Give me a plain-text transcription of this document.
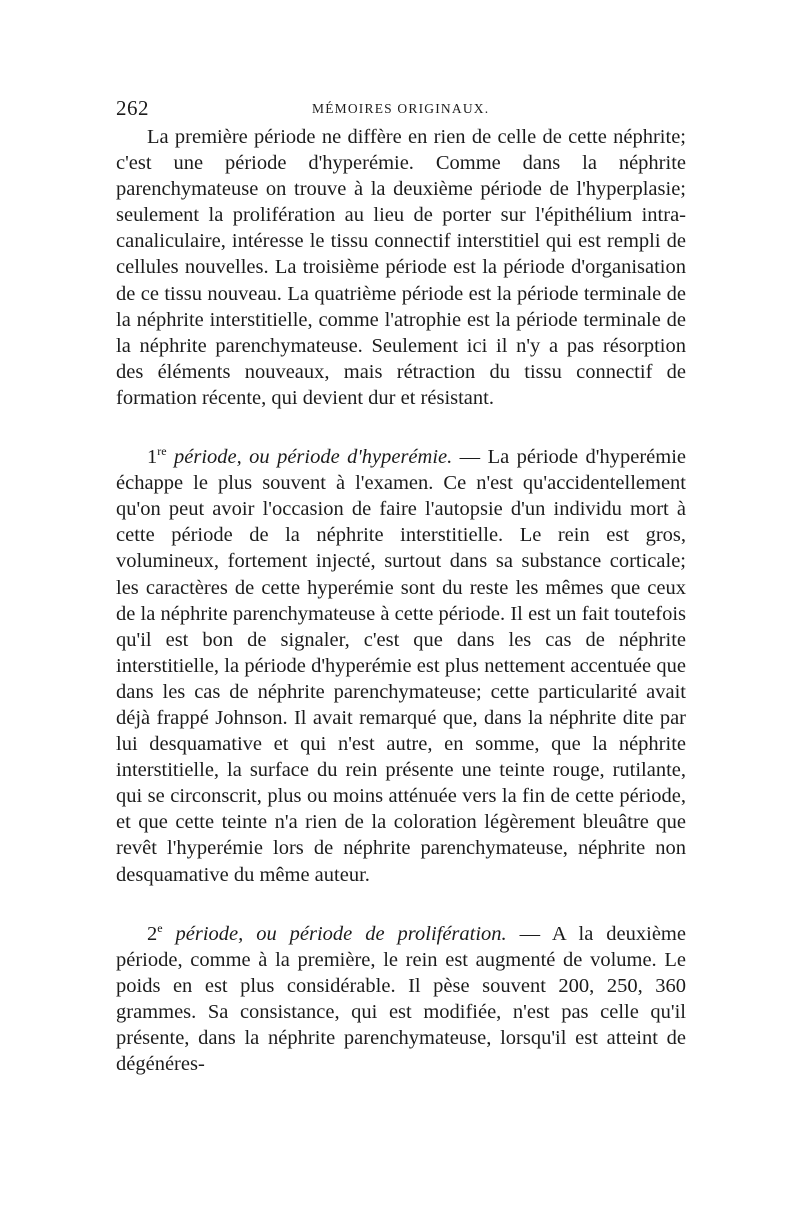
262	MÉMOIRES ORIGINAUX.

La première période ne diffère en rien de celle de cette néphrite; c'est une période d'hyperémie. Comme dans la néphrite parenchymateuse on trouve à la deuxième période de l'hyperplasie; seulement la prolifération au lieu de porter sur l'épithélium intra-canaliculaire, intéresse le tissu connectif interstitiel qui est rempli de cellules nouvelles. La troisième période est la période d'organisation de ce tissu nouveau. La quatrième période est la période terminale de la néphrite interstitielle, comme l'atrophie est la période terminale de la néphrite parenchymateuse. Seulement ici il n'y a pas résorption des éléments nouveaux, mais rétraction du tissu connectif de formation récente, qui devient dur et résistant.

1re période, ou période d'hyperémie. — La période d'hyperémie échappe le plus souvent à l'examen. Ce n'est qu'accidentellement qu'on peut avoir l'occasion de faire l'autopsie d'un individu mort à cette période de la néphrite interstitielle. Le rein est gros, volumineux, fortement injecté, surtout dans sa substance corticale; les caractères de cette hyperémie sont du reste les mêmes que ceux de la néphrite parenchymateuse à cette période. Il est un fait toutefois qu'il est bon de signaler, c'est que dans les cas de néphrite interstitielle, la période d'hyperémie est plus nettement accentuée que dans les cas de néphrite parenchymateuse; cette particularité avait déjà frappé Johnson. Il avait remarqué que, dans la néphrite dite par lui desquamative et qui n'est autre, en somme, que la néphrite interstitielle, la surface du rein présente une teinte rouge, rutilante, qui se circonscrit, plus ou moins atténuée vers la fin de cette période, et que cette teinte n'a rien de la coloration légèrement bleuâtre que revêt l'hyperémie lors de néphrite parenchymateuse, néphrite non desquamative du même auteur.

2e période, ou période de prolifération. — A la deuxième période, comme à la première, le rein est augmenté de volume. Le poids en est plus considérable. Il pèse souvent 200, 250, 360 grammes. Sa consistance, qui est modifiée, n'est pas celle qu'il présente, dans la néphrite parenchymateuse, lorsqu'il est atteint de dégénéres-
